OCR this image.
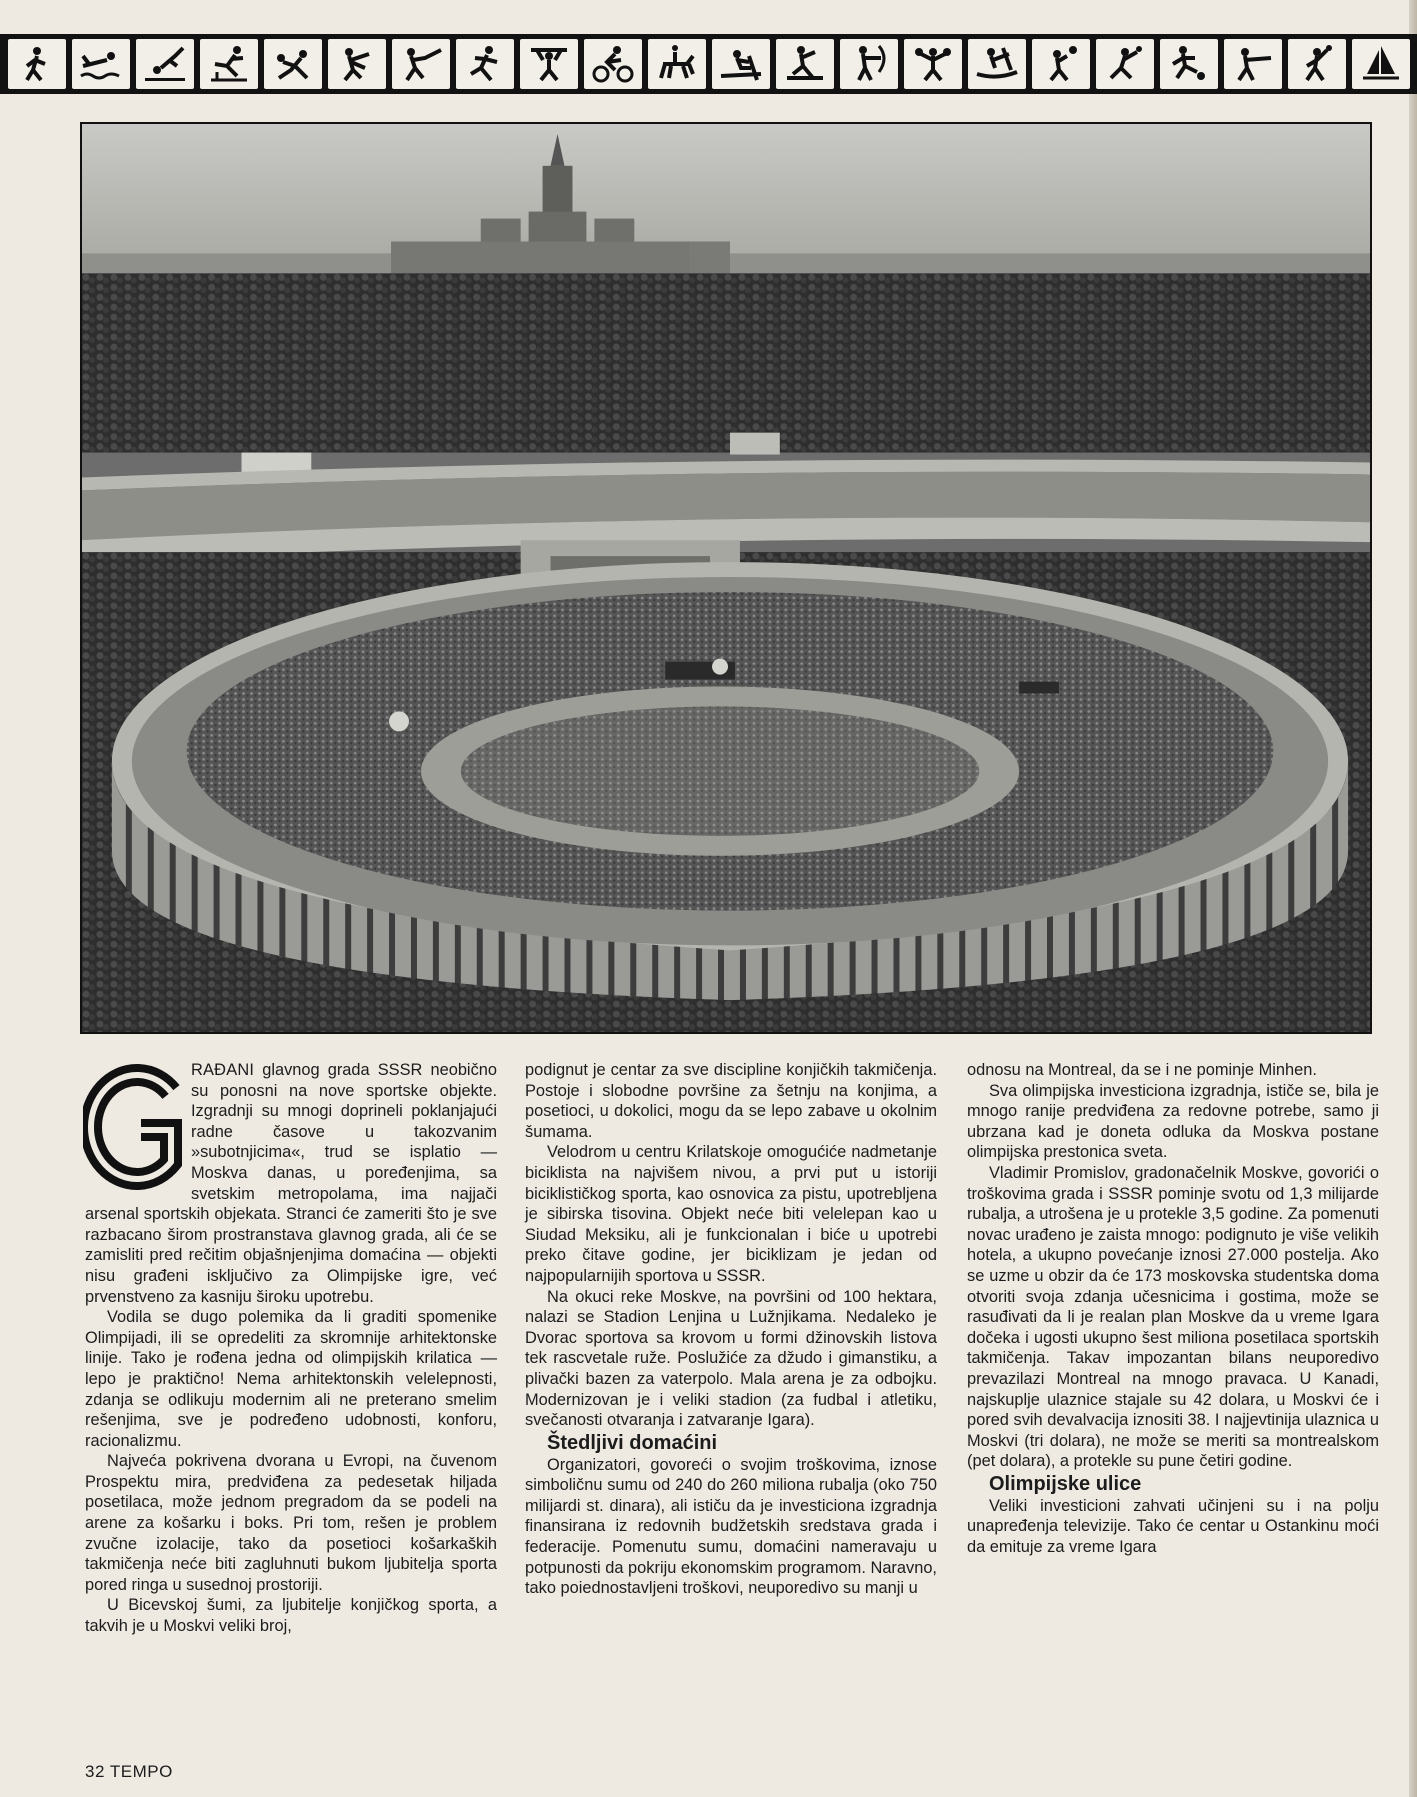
RAĐANI glavnog grada SSSR neobično su ponosni na nove sportske objekte. Izgradnji su mnogi doprineli poklanjajući radne časove u takozvanim »subotnjicima«, trud se isplatio — Moskva danas, u poređenjima, sa svetskim metropolama, ima najjači arsenal sportskih objekata. Stranci će zameriti što je sve razbacano širom prostranstava glavnog grada, ali će se zamisliti pred rečitim objašnjenjima domaćina — objekti nisu građeni isključivo za Olimpijske igre, već prvenstveno za kasniju široku upotrebu.

Vodila se dugo polemika da li graditi spomenike Olimpijadi, ili se opredeliti za skromnije arhitektonske linije. Tako je rođena jedna od olimpijskih krilatica — lepo je praktično! Nema arhitektonskih velelepnosti, zdanja se odlikuju modernim ali ne preterano smelim rešenjima, sve je podređeno udobnosti, konforu, racionalizmu.

Najveća pokrivena dvorana u Evropi, na čuvenom Prospektu mira, predviđena za pedesetak hiljada posetilaca, može jednom pregradom da se podeli na arene za košarku i boks. Pri tom, rešen je problem zvučne izolacije, tako da posetioci košarkaških takmičenja neće biti zagluhnuti bukom ljubitelja sporta pored ringa u susednoj prostoriji.

U Bicevskoj šumi, za ljubitelje konjičkog sporta, a takvih je u Moskvi veliki broj,

podignut je centar za sve discipline konjičkih takmičenja. Postoje i slobodne površine za šetnju na konjima, a posetioci, u dokolici, mogu da se lepo zabave u okolnim šumama.

Velodrom u centru Krilatskoje omogućiće nadmetanje biciklista na najvišem nivou, a prvi put u istoriji biciklističkog sporta, kao osnovica za pistu, upotrebljena je sibirska tisovina. Objekt neće biti velelepan kao u Siudad Meksiku, ali je funkcionalan i biće u upotrebi preko čitave godine, jer biciklizam je jedan od najpopularnijih sportova u SSSR.

Na okuci reke Moskve, na površini od 100 hektara, nalazi se Stadion Lenjina u Lužnjikama. Nedaleko je Dvorac sportova sa krovom u formi džinovskih listova tek rascvetale ruže. Poslužiće za džudo i gimanstiku, a plivački bazen za vaterpolo. Mala arena je za odbojku. Modernizovan je i veliki stadion (za fudbal i atletiku, svečanosti otvaranja i zatvaranje Igara).

Štedljivi domaćini

Organizatori, govoreći o svojim troškovima, iznose simboličnu sumu od 240 do 260 miliona rubalja (oko 750 milijardi st. dinara), ali ističu da je investiciona izgradnja finansirana iz redovnih budžetskih sredstava grada i federacije. Pomenutu sumu, domaćini nameravaju u potpunosti da pokriju ekonomskim programom. Naravno, tako poiednostavljeni troškovi, neuporedivo su manji u

odnosu na Montreal, da se i ne pominje Minhen.

Sva olimpijska investiciona izgradnja, ističe se, bila je mnogo ranije predviđena za redovne potrebe, samo ji ubrzana kad je doneta odluka da Moskva postane olimpijska prestonica sveta.

Vladimir Promislov, gradonačelnik Moskve, govorići o troškovima grada i SSSR pominje svotu od 1,3 milijarde rubalja, a utrošena je u protekle 3,5 godine. Za pomenuti novac urađeno je zaista mnogo: podignuto je više velikih hotela, a ukupno povećanje iznosi 27.000 postelja. Ako se uzme u obzir da će 173 moskovska studentska doma otvoriti svoja zdanja učesnicima i gostima, može se rasuđivati da li je realan plan Moskve da u vreme Igara dočeka i ugosti ukupno šest miliona posetilaca sportskih takmičenja. Takav impozantan bilans neuporedivo prevazilazi Montreal na mnogo pravaca. U Kanadi, najskuplje ulaznice stajale su 42 dolara, u Moskvi će i pored svih devalvacija iznositi 38. I najjevtinija ulaznica u Moskvi (tri dolara), ne može se meriti sa montrealskom (pet dolara), a protekle su pune četiri godine.

Olimpijske ulice

Veliki investicioni zahvati učinjeni su i na polju unapređenja televizije. Tako će centar u Ostankinu moći da emituje za vreme Igara

32 TEMPO
